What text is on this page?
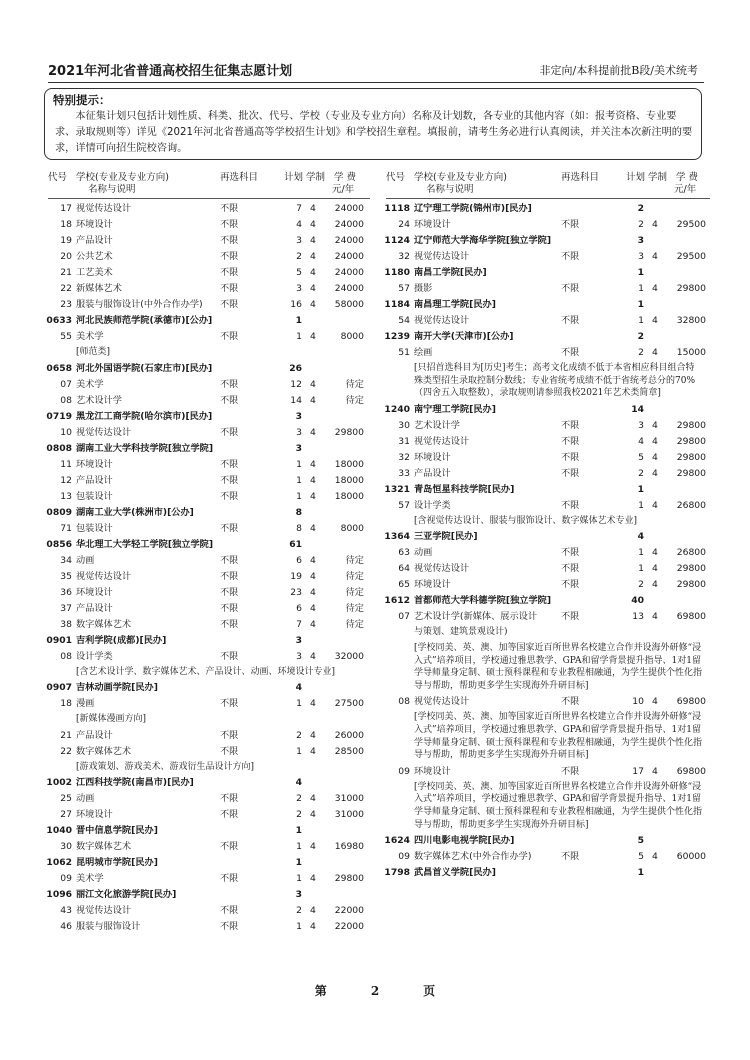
2021年河北省普通高校招生征集志愿计划	非定向/本科提前批B段/美术统考
特别提示：
本征集计划只包括计划性质、科类、批次、代号、学校（专业及专业方向）名称及计划数，各专业的其他内容（如：报考资格、专业要求、录取规则等）详见《2021年河北省普通高等学校招生计划》和学校招生章程。填报前，请考生务必进行认真阅读，并关注本次新注明的要求，详情可向招生院校咨询。
代号 学校(专业及专业方向)
名称与说明
再选科目	计划 学制 学 费
元/年
17 视觉传达设计	不限	7 4	24000
18 环境设计	不限	4 4	24000
19 产品设计	不限	3 4	24000
20 公共艺术	不限	2 4	24000
21 工艺美术	不限	5 4	24000
22 新媒体艺术	不限	3 4	24000
23 服装与服饰设计(中外合作办学) 不限	16 4	58000
0633 河北民族师范学院(承德市)[公办]	1
55 美术学	不限	1 4	8000
[师范类]
0658 河北外国语学院(石家庄市)[民办]	26
07 美术学	不限	12 4	待定
08 艺术设计学	不限	14 4	待定
0719 黑龙江工商学院(哈尔滨市)[民办]	3
10 视觉传达设计	不限	3 4	29800
0808 湖南工业大学科技学院[独立学院]	3
11 环境设计	不限	1 4	18000
12 产品设计	不限	1 4	18000
13 包装设计	不限	1 4	18000
0809 湖南工业大学(株洲市)[公办]	8
71 包装设计	不限	8 4	8000
0856 华北理工大学轻工学院[独立学院]	61
34 动画	不限	6 4	待定
35 视觉传达设计	不限	19 4	待定
36 环境设计	不限	23 4	待定
37 产品设计	不限	6 4	待定
38 数字媒体艺术	不限	7 4	待定
0901 吉利学院(成都)[民办]	3
08 设计学类	不限	3 4	32000
[含艺术设计学、数字媒体艺术、产品设计、动画、环境设计专业]
0907 吉林动画学院[民办]	4
18 漫画	不限	1 4	27500
[新媒体漫画方向]
21 产品设计	不限	2 4	26000
22 数字媒体艺术	不限	1 4	28500
[游戏策划、游戏美术、游戏衍生品设计方向]
1002 江西科技学院(南昌市)[民办]	4
25 动画	不限	2 4	31000
27 环境设计	不限	2 4	31000
1040 晋中信息学院[民办]	1
30 数字媒体艺术	不限	1 4	16980
1062 昆明城市学院[民办]	1
09 美术学	不限	1 4	29800
1096 丽江文化旅游学院[民办]	3
43 视觉传达设计	不限	2 4	22000
46 服装与服饰设计	不限	1 4	22000
代号 学校(专业及专业方向)
名称与说明
再选科目	计划 学制 学 费
元/年
1118 辽宁理工学院(锦州市)[民办]	2
24 环境设计	不限	2 4	29500
1124 辽宁师范大学海华学院[独立学院]	3
32 视觉传达设计	不限	3 4	29500
1180 南昌工学院[民办]	1
57 摄影	不限	1 4	29800
1184 南昌理工学院[民办]	1
54 视觉传达设计	不限	1 4	32800
1239 南开大学(天津市)[公办]	2
51 绘画	不限	2 4	15000
[只招首选科目为[历史]考生；高考文化成绩不低于本省相应科目组合特殊类型招生录取控制分数线；专业省统考成绩不低于省统考总分的70%（四舍五入取整数），录取规则请参照我校2021年艺术类简章]
1240 南宁理工学院[民办]	14
30 艺术设计学	不限	3 4	29800
31 视觉传达设计	不限	4 4	29800
32 环境设计	不限	5 4	29800
33 产品设计	不限	2 4	29800
1321 青岛恒星科技学院[民办]	1
57 设计学类	不限	1 4	26800
[含视觉传达设计、服装与服饰设计、数字媒体艺术专业]
1364 三亚学院[民办]	4
63 动画	不限	1 4	26800
64 视觉传达设计	不限	1 4	29800
65 环境设计	不限	2 4	29800
1612 首都师范大学科德学院[独立学院]	40
07 艺术设计学(新媒体、展示设计	不限	13 4	69800
与策划、建筑景观设计)
[学校同美、英、澳、加等国家近百所世界名校建立合作并设海外研修“浸入式”培养项目，学校通过雅思教学、GPA和留学背景提升指导、1对1留学导师量身定制、硕士预科课程和专业教程相融通，为学生提供个性化指导与帮助，帮助更多学生实现海外升研目标]
08 视觉传达设计	不限	10 4	69800
[学校同美、英、澳、加等国家近百所世界名校建立合作并设海外研修“浸入式”培养项目，学校通过雅思教学、GPA和留学背景提升指导、1对1留学导师量身定制、硕士预科课程和专业教程相融通，为学生提供个性化指导与帮助，帮助更多学生实现海外升研目标]
09 环境设计	不限	17 4	69800
[学校同美、英、澳、加等国家近百所世界名校建立合作并设海外研修“浸入式”培养项目，学校通过雅思教学、GPA和留学背景提升指导、1对1留学导师量身定制、硕士预科课程和专业教程相融通，为学生提供个性化指导与帮助，帮助更多学生实现海外升研目标]
1624 四川电影电视学院[民办]	5
09 数字媒体艺术(中外合作办学)	不限	5 4	60000
1798 武昌首义学院[民办]	1
第	2	页
